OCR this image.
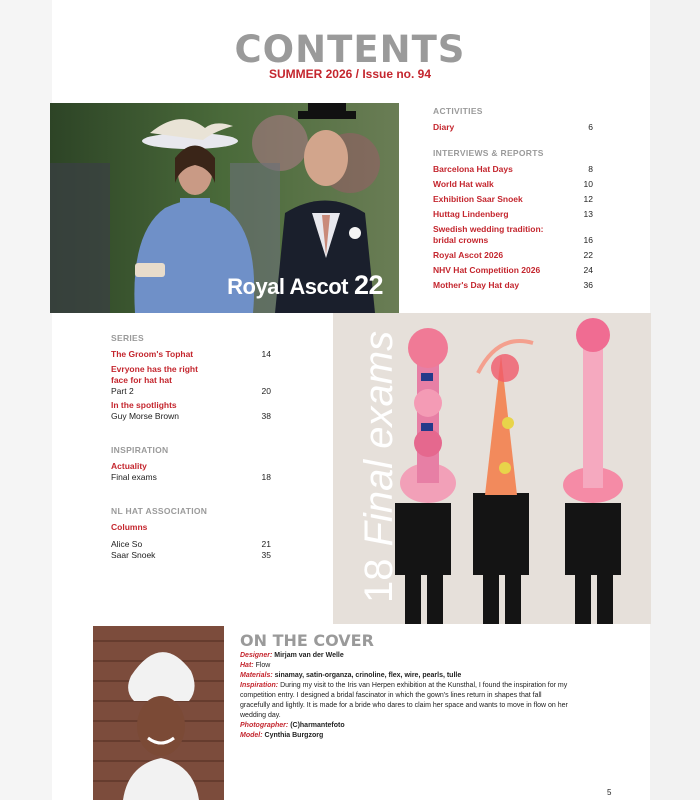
CONTENTS
SUMMER 2026 / Issue no. 94
Royal Ascot 22
ACTIVITIES
Diary	6
INTERVIEWS & REPORTS
Barcelona Hat Days	8
World Hat walk	10
Exhibition Saar Snoek	12
Huttag Lindenberg	13
Swedish wedding tradition: bridal crowns	16
Royal Ascot 2026	22
NHV Hat Competition 2026	24
Mother's Day Hat day	36
SERIES
The Groom's Tophat	14
Evryone has the right face for hat hat
Part 2	20
In the spotlights
Guy Morse Brown	38
INSPIRATION
Actuality
Final exams	18
NL HAT ASSOCIATION
Columns
Alice So	21
Saar Snoek	35
18Final exams
ON THE COVER
Designer: Mirjam van der Welle
Hat: Flow
Materials: sinamay, satin-organza, crinoline, flex, wire, pearls, tulle
Inspiration: During my visit to the Iris van Herpen exhibition at the Kunsthal, I found the inspiration for my competition entry. I designed a bridal fascinator in which the gown's lines return in shapes that fall gracefully and lightly. It is made for a bride who dares to claim her space and wants to move in flow on her wedding day.
Photographer: (C)harmantefoto
Model: Cynthia Burgzorg
5
